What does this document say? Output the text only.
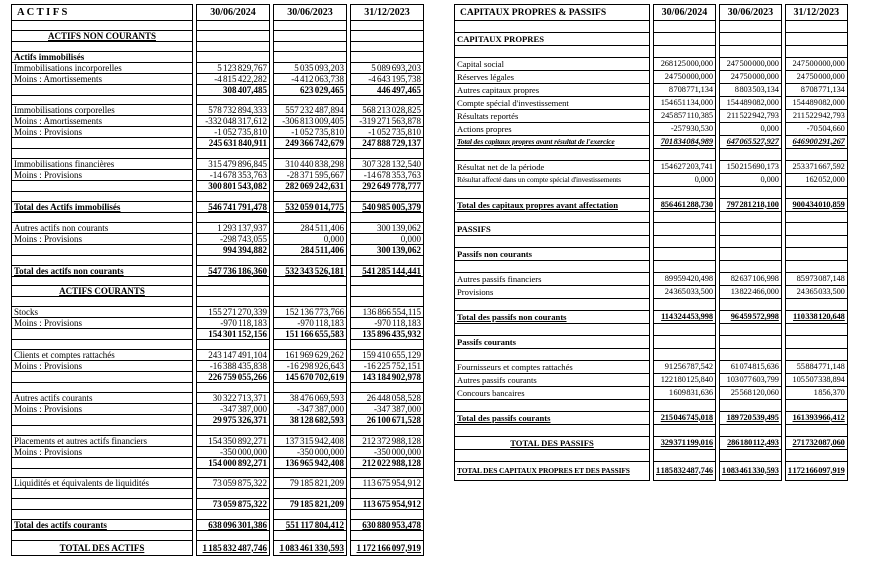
A C T I F S	30/06/2024	30/06/2023	31/12/2023

ACTIFS NON COURANTS			

Actifs immobilisés			
Immobilisations incorporelles	5 123 829,767	5 035 093,203	5 089 693,203
Moins : Amortissements	-4 815 422,282	-4 412 063,738	-4 643 195,738
	308 407,485	623 029,465	446 497,465

Immobilisations corporelles	578 732 894,333	557 232 487,894	568 213 028,825
Moins : Amortissements	-332 048 317,612	-306 813 009,405	-319 271 563,878
Moins : Provisions	-1 052 735,810	-1 052 735,810	-1 052 735,810
	245 631 840,911	249 366 742,679	247 888 729,137

Immobilisations financières	315 479 896,845	310 440 838,298	307 328 132,540
Moins : Provisions	-14 678 353,763	-28 371 595,667	-14 678 353,763
	300 801 543,082	282 069 242,631	292 649 778,777

Total des Actifs immobilisés	546 741 791,478	532 059 014,775	540 985 005,379

Autres actifs non courants	1 293 137,937	284 511,406	300 139,062
Moins : Provisions	-298 743,055	0,000	0,000
	994 394,882	284 511,406	300 139,062

Total des actifs non courants	547 736 186,360	532 343 526,181	541 285 144,441

ACTIFS COURANTS			

Stocks	155 271 270,339	152 136 773,766	136 866 554,115
Moins : Provisions	-970 118,183	-970 118,183	-970 118,183
	154 301 152,156	151 166 655,583	135 896 435,932

Clients et comptes rattachés	243 147 491,104	161 969 629,262	159 410 655,129
Moins : Provisions	-16 388 435,838	-16 298 926,643	-16 225 752,151
	226 759 055,266	145 670 702,619	143 184 902,978

Autres actifs courants	30 322 713,371	38 476 069,593	26 448 058,528
Moins : Provisions	-347 387,000	-347 387,000	-347 387,000
	29 975 326,371	38 128 682,593	26 100 671,528

Placements et autres actifs financiers	154 350 892,271	137 315 942,408	212 372 988,128
Moins : Provisions	-350 000,000	-350 000,000	-350 000,000
	154 000 892,271	136 965 942,408	212 022 988,128

Liquidités et équivalents de liquidités	73 059 875,322	79 185 821,209	113 675 954,912

	73 059 875,322	79 185 821,209	113 675 954,912

Total des actifs courants	638 096 301,386	551 117 804,412	630 880 953,478

TOTAL DES ACTIFS	1 185 832 487,746	1 083 461 330,593	1 172 166 097,919
CAPITAUX PROPRES & PASSIFS	30/06/2024	30/06/2023	31/12/2023

CAPITAUX PROPRES			

Capital social	268 125 000,000	247 500 000,000	247 500 000,000
Réserves légales	24 750 000,000	24 750 000,000	24 750 000,000
Autres capitaux propres	8 708 771,134	8 803 503,134	8 708 771,134
Compte spécial d'investissement	154 651 134,000	154 489 082,000	154 489 082,000
Résultats reportés	245 857 110,385	211 522 942,793	211 522 942,793
Actions propres	-257 930,530	0,000	-70 504,660
Total des capitaux propres avant résultat de l'exercice	701 834 084,989	647 065 527,927	646 900 291,267

Résultat net de la période	154 627 203,741	150 215 690,173	253 371 667,592
Résultat affecté dans un compte spécial d'investissements	0,000	0,000	162 052,000

Total des capitaux propres avant affectation	856 461 288,730	797 281 218,100	900 434 010,859

PASSIFS			

Passifs non courants			

Autres passifs financiers	89 959 420,498	82 637 106,998	85 973 087,148
Provisions	24 365 033,500	13 822 466,000	24 365 033,500

Total des passifs non courants	114 324 453,998	96 459 572,998	110 338 120,648

Passifs courants			

Fournisseurs et comptes rattachés	91 256 787,542	61 074 815,636	55 884 771,148
Autres passifs courants	122 180 125,840	103 077 603,799	105 507 338,894
Concours bancaires	1 609 831,636	25 568 120,060	1 856,370

Total des passifs courants	215 046 745,018	189 720 539,495	161 393 966,412

TOTAL DES PASSIFS	329 371 199,016	286 180 112,493	271 732 087,060

TOTAL DES CAPITAUX PROPRES ET DES PASSIFS	1 185 832 487,746	1 083 461 330,593	1 172 166 097,919
